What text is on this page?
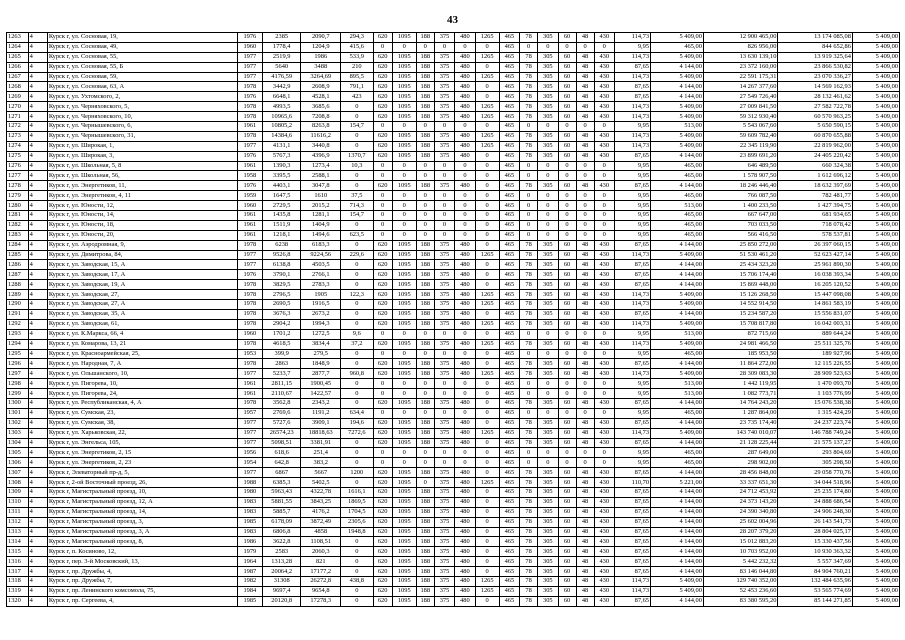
43
1263	4	Курск г, ул. Сосновая, 19,	1976	2385	2090,7	294,3	620	1095	188	375	480	1265	465	78	305	60	48	430	114,73	5 409,00	12 900 465,00	13 174 085,08	5 409,00
1264	4	Курск г, ул. Сосновая, 49,	1960	1778,4	1204,9	415,6	0	0	0	0	0	0	465	0	0	0	0	0	9,95	465,00	826 956,00	844 652,86	5 409,00
1265	4	Курск г, ул. Сосновая, 55,	1977	2519,9	1986	533,9	620	1095	188	375	480	1265	465	78	305	60	48	430	114,73	5 409,00	13 630 139,10	13 919 325,64	5 409,00
1266	4	Курск г, ул. Сосновая, 55, Б	1977	5640	3488	210	620	1095	188	375	480	0	465	78	305	60	48	430	87,65	4 144,00	23 372 160,00	23 866 530,82	5 409,00
1267	4	Курск г, ул. Сосновая, 59,	1977	4176,59	3264,69	895,5	620	1095	188	375	480	1265	465	78	305	60	48	430	114,73	5 409,00	22 591 175,31	23 070 336,27	5 409,00
1268	4	Курск г, ул. Сосновая, 63, А	1978	3442,9	2608,9	791,1	620	1095	188	375	480	0	465	78	305	60	48	430	87,65	4 144,00	14 267 377,60	14 569 162,93	5 409,00
1269	4	Курск г, ул. Ухтомского, 2,	1976	6648,1	4528,1	423	620	1095	188	375	480	0	465	78	305	60	48	430	87,65	4 144,00	27 549 726,40	28 132 461,62	5 409,00
1270	4	Курск г, ул. Черняховского, 5,	1978	4993,5	3685,6	0	620	1095	188	375	480	1265	465	78	305	60	48	430	114,73	5 409,00	27 009 841,50	27 582 722,78	5 409,00
1271	4	Курск г, ул. Черняховского, 10,	1978	10965,6	7208,8	0	620	1095	188	375	480	1265	465	78	305	60	48	430	114,73	5 409,00	59 312 930,40	60 570 963,25	5 409,00
1272	4	Курск г, ул. Чернышевского, 6,	1961	10805,2	8263,8	154,7	0	0	0	0	0	0	465	0	0	0	0	0	9,95	513,00	5 543 067,60	5 650 590,15	5 409,00
1273	4	Курск г, ул. Чернышевского, 31,	1978	14384,6	11616,2	0	620	1095	188	375	480	1265	465	78	305	60	48	430	114,73	5 409,00	59 609 782,40	60 870 655,88	5 409,00
1274	4	Курск г, ул. Широкая, 1,	1977	4131,1	3440,8	0	620	1095	188	375	480	1265	465	78	305	60	48	430	114,73	5 409,00	22 345 119,90	22 819 962,00	5 409,00
1275	4	Курск г, ул. Широкая, 3,	1976	5767,3	4396,9	1370,7	620	1095	188	375	480	0	465	78	305	60	48	430	87,65	4 144,00	23 899 691,20	24 405 220,42	5 409,00
1276	4	Курск г, ул. Школьная, 5, 8	1961	1390,3	1273,4	10,3	0	0	0	0	0	0	465	0	0	0	0	0	9,95	465,00	646 489,50	660 324,38	5 409,00
1277	4	Курск г, ул. Школьная, 56,	1958	3395,5	2588,1	0	0	0	0	0	0	0	465	0	0	0	0	0	9,95	465,00	1 578 907,50	1 612 696,12	5 409,00
1278	4	Курск г, ул. Энергетиков, 11,	1976	4403,1	3047,8	0	620	1095	188	375	480	0	465	78	305	60	48	430	87,65	4 144,00	18 246 446,40	18 632 397,69	5 409,00
1279	4	Курск г, ул. Энергетиков, 4, 11	1959	1647,5	1610	37,5	0	0	0	0	0	0	465	0	0	0	0	0	9,95	465,00	766 087,50	782 481,77	5 409,00
1280	4	Курск г, ул. Юности, 12,	1960	2729,5	2015,2	714,3	0	0	0	0	0	0	465	0	0	0	0	0	9,95	513,00	1 400 233,50	1 427 394,75	5 409,00
1281	4	Курск г, ул. Юности, 14,	1961	1435,8	1281,1	154,7	0	0	0	0	0	0	465	0	0	0	0	0	9,95	465,00	667 647,00	681 934,65	5 409,00
1282	4	Курск г, ул. Юности, 18,	1961	1511,9	1404,9	0	0	0	0	0	0	0	465	0	0	0	0	0	9,95	465,00	703 033,50	718 078,42	5 409,00
1283	4	Курск г, ул. Юности, 20,	1961	1218,1	1494,6	623,5	0	0	0	0	0	0	465	0	0	0	0	0	9,95	465,00	566 416,50	578 537,81	5 409,00
1284	4	Курск г, ул. Аэродромная, 9,	1978	6238	6183,3	0	620	1095	188	375	480	0	465	78	305	60	48	430	87,65	4 144,00	25 850 272,00	26 397 060,15	5 409,00
1285	4	Курск г, ул. Димитрова, 84,	1977	9526,8	9224,56	229,6	620	1095	188	375	480	1265	465	78	305	60	48	430	114,73	5 409,00	51 530 461,20	52 623 427,14	5 409,00
1286	4	Курск г, ул. Заводская, 15, А	1977	6138,8	4503,5	0	620	1095	188	375	480	0	465	78	305	60	48	430	87,65	4 144,00	25 434 323,20	25 961 890,30	5 409,00
1287	4	Курск г, ул. Заводская, 17, А	1976	3790,1	2766,1	0	620	1095	188	375	480	0	465	78	305	60	48	430	87,65	4 144,00	15 706 174,40	16 038 393,34	5 409,00
1288	4	Курск г, ул. Заводская, 19, А	1978	3829,5	2783,3	0	620	1095	188	375	480	0	465	78	305	60	48	430	87,65	4 144,00	15 869 448,00	16 205 120,52	5 409,00
1289	4	Курск г, ул. Заводская, 27,	1978	2796,5	1905	122,3	620	1095	188	375	480	1265	465	78	305	60	48	430	114,73	5 409,00	15 126 268,50	15 447 098,08	5 409,00
1290	4	Курск г, ул. Заводская, 27, А	1978	2690,5	1916,5	0	620	1095	188	375	480	1265	465	78	305	60	48	430	114,73	5 409,00	14 552 914,50	14 861 583,19	5 409,00
1291	4	Курск г, ул. Заводская, 35, А	1978	3676,3	2673,2	0	620	1095	188	375	480	0	465	78	305	60	48	430	87,65	4 144,00	15 234 587,20	15 556 831,07	5 409,00
1292	4	Курск г, ул. Заводская, 61,	1978	2904,2	1994,3	0	620	1095	188	375	480	1265	465	78	305	60	48	430	114,73	5 409,00	15 708 817,80	16 042 003,31	5 409,00
1293	4	Курск г, ул. К.Маркса, 66, 4	1960	1701,2	1272,5	9,6	0	0	0	0	0	0	465	0	0	0	0	0	9,95	513,00	872 715,60	889 644,24	5 409,00
1294	4	Курск г, ул. Комарова, 13, 21	1978	4618,5	3834,4	37,2	620	1095	188	375	480	1265	465	78	305	60	48	430	114,73	5 409,00	24 981 466,50	25 511 325,76	5 409,00
1295	4	Курск г, ул. Красноармейская, 25,	1953	399,9	279,5	0	0	0	0	0	0	0	465	0	0	0	0	0	9,95	465,00	185 953,50	189 927,96	5 409,00
1296	4	Курск г, ул. Народная, 7, А	1978	2863	1848,9	0	620	1095	188	375	480	0	465	78	305	60	48	430	87,65	4 144,00	11 864 272,00	12 115 226,55	5 409,00
1297	4	Курск г, ул. Ольшанского, 10,	1977	5233,7	2877,7	960,8	620	1095	188	375	480	1265	465	78	305	60	48	430	114,73	5 409,00	28 309 083,30	28 909 523,63	5 409,00
1298	4	Курск г, ул. Пигорева, 10,	1961	2811,15	1900,45	0	0	0	0	0	0	0	465	0	0	0	0	0	9,95	513,00	1 442 119,95	1 470 093,70	5 409,00
1299	4	Курск г, ул. Пигорева, 24,	1961	2110,67	1422,57	0	0	0	0	0	0	0	465	0	0	0	0	0	9,95	513,00	1 082 773,71	1 103 776,99	5 409,00
1300	4	Курск г, ул. Республиканская, 4, А	1978	3562,8	2343,2	0	620	1095	188	375	480	0	465	78	305	60	48	430	87,65	4 144,00	14 764 243,20	15 076 538,38	5 409,00
1301	4	Курск г, ул. Сумская, 23,	1957	2769,6	1191,2	634,4	0	0	0	0	0	0	465	0	0	0	0	0	9,95	465,00	1 287 864,00	1 315 424,29	5 409,00
1302	4	Курск г, ул. Сумская, 38,	1977	5727,6	3909,1	194,6	620	1095	188	375	480	0	465	78	305	60	48	430	87,65	4 144,00	23 735 174,40	24 237 223,74	5 409,00
1303	4	Курск г, ул. Харьковская, 22,	1977	26574,23	18818,63	7272,6	620	1095	188	375	480	1265	465	78	305	60	48	430	114,73	5 409,00	143 740 010,07	146 788 749,24	5 409,00
1304	4	Курск г, ул. Энгельса, 105,	1977	5098,51	3381,91	0	620	1095	188	375	480	0	465	78	305	60	48	430	87,65	4 144,00	21 128 225,44	21 575 137,27	5 409,00
1305	4	Курск г, ул. Энергетиков, 2, 15	1956	618,6	251,4	0	0	0	0	0	0	0	465	0	0	0	0	0	9,95	465,00	287 649,00	293 804,69	5 409,00
1306	4	Курск г, ул. Энергетиков, 2, 23	1954	642,8	383,2	0	0	0	0	0	0	0	465	0	0	0	0	0	9,95	465,00	298 902,00	305 298,50	5 409,00
1307	4	Курск г, Элеваторный пр-д, 5,	1977	6867	5667	1200	620	1095	188	375	480	0	465	78	305	60	48	430	87,65	4 144,00	28 456 848,00	29 058 770,76	5 409,00
1308	4	Курск г, 2-ой Восточный проезд, 26,	1988	6385,3	5402,5	0	620	1095	0	375	480	1265	465	78	305	60	48	430	110,70	5 221,00	33 337 651,30	34 044 518,96	5 409,00
1309	4	Курск г, Магистральный проезд, 10,	1980	5963,43	4322,78	1616,1	620	1095	188	375	480	0	465	78	305	60	48	430	87,65	4 144,00	24 712 453,92	25 235 174,80	5 409,00
1310	4	Курск г, Магистральный проезд, 12, А	1983	5881,55	3843,25	1869,5	620	1095	188	375	480	0	465	78	305	60	48	430	87,65	4 144,00	24 373 143,20	24 888 686,54	5 409,00
1311	4	Курск г, Магистральный проезд, 14,	1983	5885,7	4176,2	1704,5	620	1095	188	375	480	0	465	78	305	60	48	430	87,65	4 144,00	24 390 340,80	24 906 248,30	5 409,00
1312	4	Курск г, Магистральный проезд, 3,	1985	6178,09	3872,49	2305,6	620	1095	188	375	480	0	465	78	305	60	48	430	87,65	4 144,00	25 602 004,96	26 143 541,73	5 409,00
1313	4	Курск г, Магистральный проезд, 3, А	1983	6806,8	4858	1948,8	620	1095	188	375	480	0	465	78	305	60	48	430	87,65	4 144,00	28 207 379,20	28 804 025,17	5 409,00
1314	4	Курск г, Магистральный проезд, 8,	1986	3622,8	1108,51	0	620	1095	188	375	480	0	465	78	305	60	48	430	87,65	4 144,00	15 012 883,20	15 330 437,56	5 409,00
1315	4	Курск г, п. Косиново, 12,	1979	2583	2060,3	0	620	1095	188	375	480	0	465	78	305	60	48	430	87,65	4 144,00	10 703 952,00	10 930 363,32	5 409,00
1316	4	Курск г, пер. 3-й Московский, 13,	1964	1313,28	821	0	620	1095	188	375	480	0	465	78	305	60	48	430	87,65	4 144,00	5 442 232,32	5 557 347,69	5 409,00
1317	4	Курск г, пр. Дружбы, 4,	1987	20064,2	17177,2	0	620	1095	188	375	480	0	465	78	305	60	48	430	87,65	4 144,00	83 146 044,80	84 904 760,21	5 409,00
1318	4	Курск г, пр. Дружбы, 7,	1982	31308	26272,8	438,8	620	1095	188	375	480	1265	465	78	305	60	48	430	114,73	5 409,00	129 740 352,00	132 484 635,96	5 409,00
1319	4	Курск г, пр. Ленинского комсомола, 75,	1984	9697,4	9654,8	0	620	1095	188	375	480	1265	465	78	305	60	48	430	114,73	5 409,00	52 453 236,60	53 565 774,69	5 409,00
1320	4	Курск г, пр. Сергеева, 4,	1985	20120,8	17278,3	0	620	1095	188	375	480	0	465	78	305	60	48	430	87,65	4 144,00	83 380 595,20	85 144 271,85	5 409,00
